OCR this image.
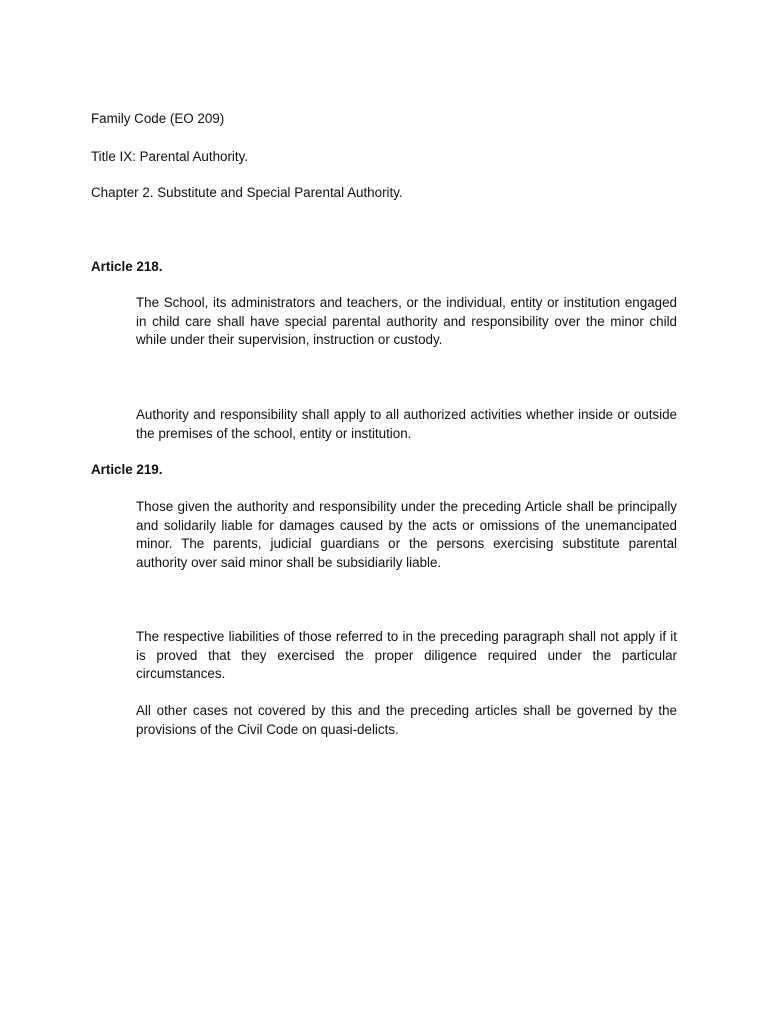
Family Code (EO 209)

Title IX: Parental Authority.

Chapter 2. Substitute and Special Parental Authority.

Article 218.

The School, its administrators and teachers, or the individual, entity or institution engaged in child care shall have special parental authority and responsibility over the minor child while under their supervision, instruction or custody.

Authority and responsibility shall apply to all authorized activities whether inside or outside the premises of the school, entity or institution.

Article 219.

Those given the authority and responsibility under the preceding Article shall be principally and solidarily liable for damages caused by the acts or omissions of the unemancipated minor. The parents, judicial guardians or the persons exercising substitute parental authority over said minor shall be subsidiarily liable.

The respective liabilities of those referred to in the preceding paragraph shall not apply if it is proved that they exercised the proper diligence required under the particular circumstances.

All other cases not covered by this and the preceding articles shall be governed by the provisions of the Civil Code on quasi-delicts.
